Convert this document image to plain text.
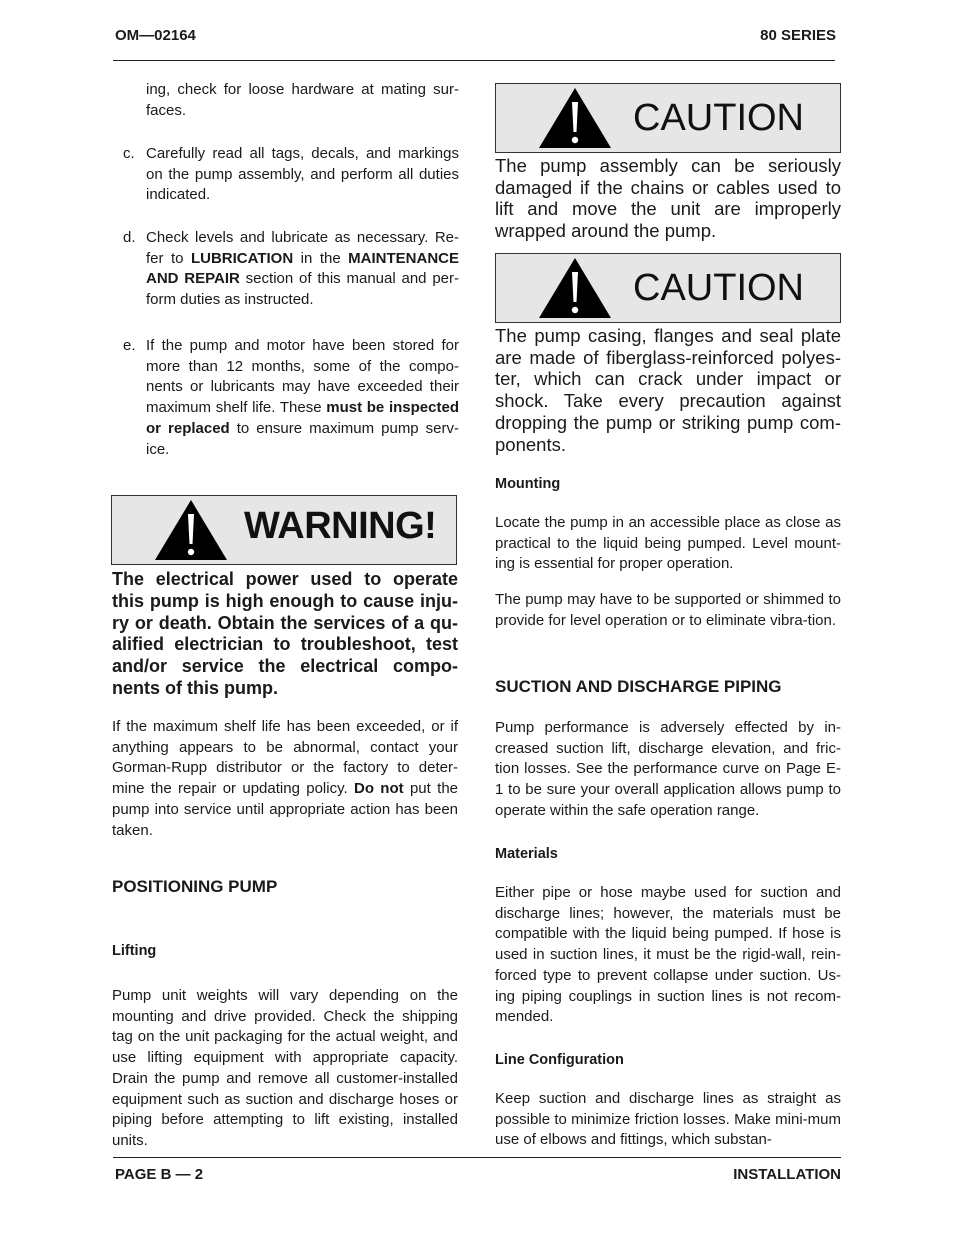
OM—02164	80 SERIES

ing, check for loose hardware at mating sur-faces.

c. Carefully read all tags, decals, and markings on the pump assembly, and perform all duties indicated.
d. Check levels and lubricate as necessary. Re-fer to LUBRICATION in the MAINTENANCE AND REPAIR section of this manual and per-form duties as instructed.
e. If the pump and motor have been stored for more than 12 months, some of the compo-nents or lubricants may have exceeded their maximum shelf life. These must be inspected or replaced to ensure maximum pump serv-ice.
WARNING!
The electrical power used to operate this pump is high enough to cause inju-ry or death. Obtain the services of a qu-alified electrician to troubleshoot, test and/or service the electrical compo-nents of this pump.

If the maximum shelf life has been exceeded, or if anything appears to be abnormal, contact your Gorman-Rupp distributor or the factory to deter-mine the repair or updating policy. Do not put the pump into service until appropriate action has been taken.

POSITIONING PUMP
Lifting

Pump unit weights will vary depending on the mounting and drive provided. Check the shipping tag on the unit packaging for the actual weight, and use lifting equipment with appropriate capacity. Drain the pump and remove all customer-installed equipment such as suction and discharge hoses or piping before attempting to lift existing, installed units.

CAUTION
The pump assembly can be seriously damaged if the chains or cables used to lift and move the unit are improperly wrapped around the pump.
CAUTION
The pump casing, flanges and seal plate are made of fiberglass-reinforced polyes-ter, which can crack under impact or shock. Take every precaution against dropping the pump or striking pump com-ponents.
Mounting

Locate the pump in an accessible place as close as practical to the liquid being pumped. Level mount-ing is essential for proper operation.

The pump may have to be supported or shimmed to provide for level operation or to eliminate vibra-tion.

SUCTION AND DISCHARGE PIPING

Pump performance is adversely effected by in-creased suction lift, discharge elevation, and fric-tion losses. See the performance curve on Page E-1 to be sure your overall application allows pump to operate within the safe operation range.

Materials

Either pipe or hose maybe used for suction and discharge lines; however, the materials must be compatible with the liquid being pumped. If hose is used in suction lines, it must be the rigid-wall, rein-forced type to prevent collapse under suction. Us-ing piping couplings in suction lines is not recom-mended.

Line Configuration

Keep suction and discharge lines as straight as possible to minimize friction losses. Make mini-mum use of elbows and fittings, which substan-

PAGE B — 2	INSTALLATION
